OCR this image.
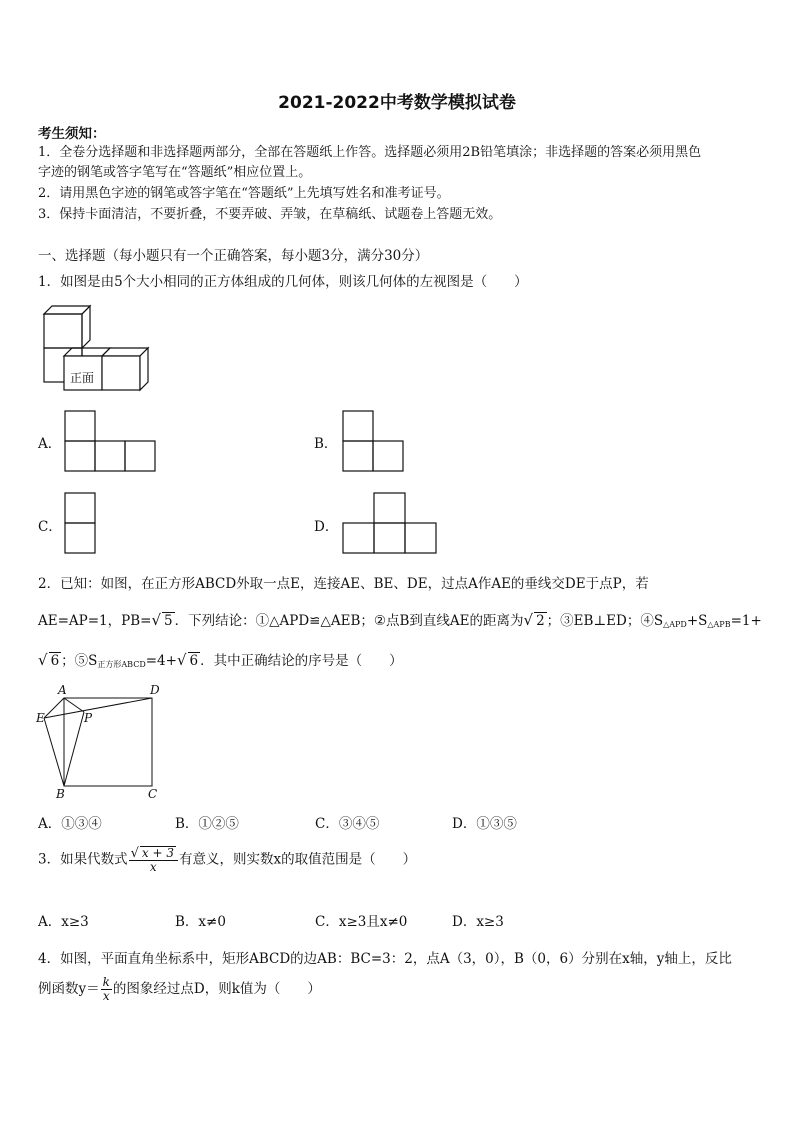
2021-2022中考数学模拟试卷
考生须知：
1．全卷分选择题和非选择题两部分，全部在答题纸上作答。选择题必须用2B铅笔填涂；非选择题的答案必须用黑色
字迹的钢笔或答字笔写在“答题纸”相应位置上。
2．请用黑色字迹的钢笔或答字笔在“答题纸”上先填写姓名和准考证号。
3．保持卡面清洁，不要折叠，不要弄破、弄皱，在草稿纸、试题卷上答题无效。
一、选择题（每小题只有一个正确答案，每小题3分，满分30分）
1．如图是由5个大小相同的正方体组成的几何体，则该几何体的左视图是（　　）
正面
A．	B．
C．	D．
2．已知：如图，在正方形ABCD外取一点E，连接AE、BE、DE，过点A作AE的垂线交DE于点P，若
AE=AP=1，PB=√ 5 ．下列结论：①△APD≌△AEB；②点B到直线AE的距离为√ 2 ；③EB⊥ED；$④S_{\triangle APD}+S_{\triangle APB}=1+$
√ 6 ；$⑤S_{正方形ABCD}=4+√$ 6 ．其中正确结论的序号是（　　）
A	D
E	P
B	C
A．①③④	B．①②⑤	C．③④⑤	D．①③⑤
3．如果代数式 $\frac{√ x + 3}{x}$ 有意义，则实数x的取值范围是（　　）
A．x≥3	B．x≠0	C．x≥3且x≠0	D．x≥3
4．如图，平面直角坐标系中，矩形ABCD的边AB：BC=3：2，点A（3，0），B（0，6）分别在x轴，y轴上，反比
例函数$y= \frac{k}{x}$ 的图象经过点D，则k值为（　　）
